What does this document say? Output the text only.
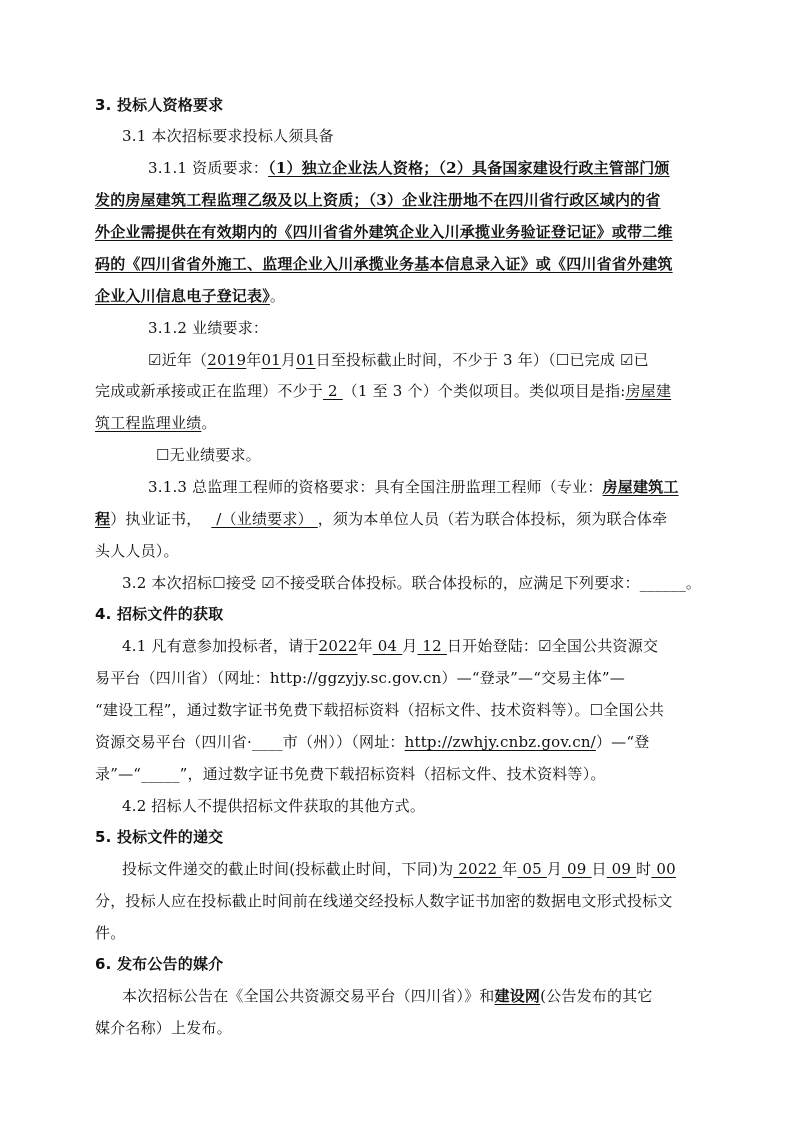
3. 投标人资格要求
3.1 本次招标要求投标人须具备
3.1.1 资质要求：（1）独立企业法人资格；（2）具备国家建设行政主管部门颁
发的房屋建筑工程监理乙级及以上资质；（3）企业注册地不在四川省行政区域内的省
外企业需提供在有效期内的《四川省省外建筑企业入川承揽业务验证登记证》或带二维
码的《四川省省外施工、监理企业入川承揽业务基本信息录入证》或《四川省省外建筑
企业入川信息电子登记表》。
3.1.2 业绩要求：
☑近年（2019年01月01日至投标截止时间，不少于 3 年）（☐已完成 ☑已
完成或新承接或正在监理）不少于 2 （1 至 3 个）个类似项目。类似项目是指:房屋建
筑工程监理业绩。
☐无业绩要求。
3.1.3 总监理工程师的资格要求：具有全国注册监理工程师（专业：房屋建筑工
程）执业证书，   /（业绩要求） ，须为本单位人员（若为联合体投标，须为联合体牵
头人人员）。
3.2 本次招标☐接受 ☑不接受联合体投标。联合体投标的，应满足下列要求：______。
4. 招标文件的获取
4.1 凡有意参加投标者，请于2022年 04 月 12 日开始登陆：☑全国公共资源交
易平台（四川省）（网址：http://ggzyjy.sc.gov.cn）—“登录”—“交易主体”—
“建设工程”，通过数字证书免费下载招标资料（招标文件、技术资料等）。☐全国公共
资源交易平台（四川省·____市（州））（网址：http://zwhjy.cnbz.gov.cn/）—“登
录”—“_____”，通过数字证书免费下载招标资料（招标文件、技术资料等）。
4.2 招标人不提供招标文件获取的其他方式。
5. 投标文件的递交
投标文件递交的截止时间(投标截止时间，下同)为 2022 年 05 月 09 日 09 时 00
分，投标人应在投标截止时间前在线递交经投标人数字证书加密的数据电文形式投标文
件。
6. 发布公告的媒介
本次招标公告在《全国公共资源交易平台（四川省）》和建设网(公告发布的其它
媒介名称）上发布。
